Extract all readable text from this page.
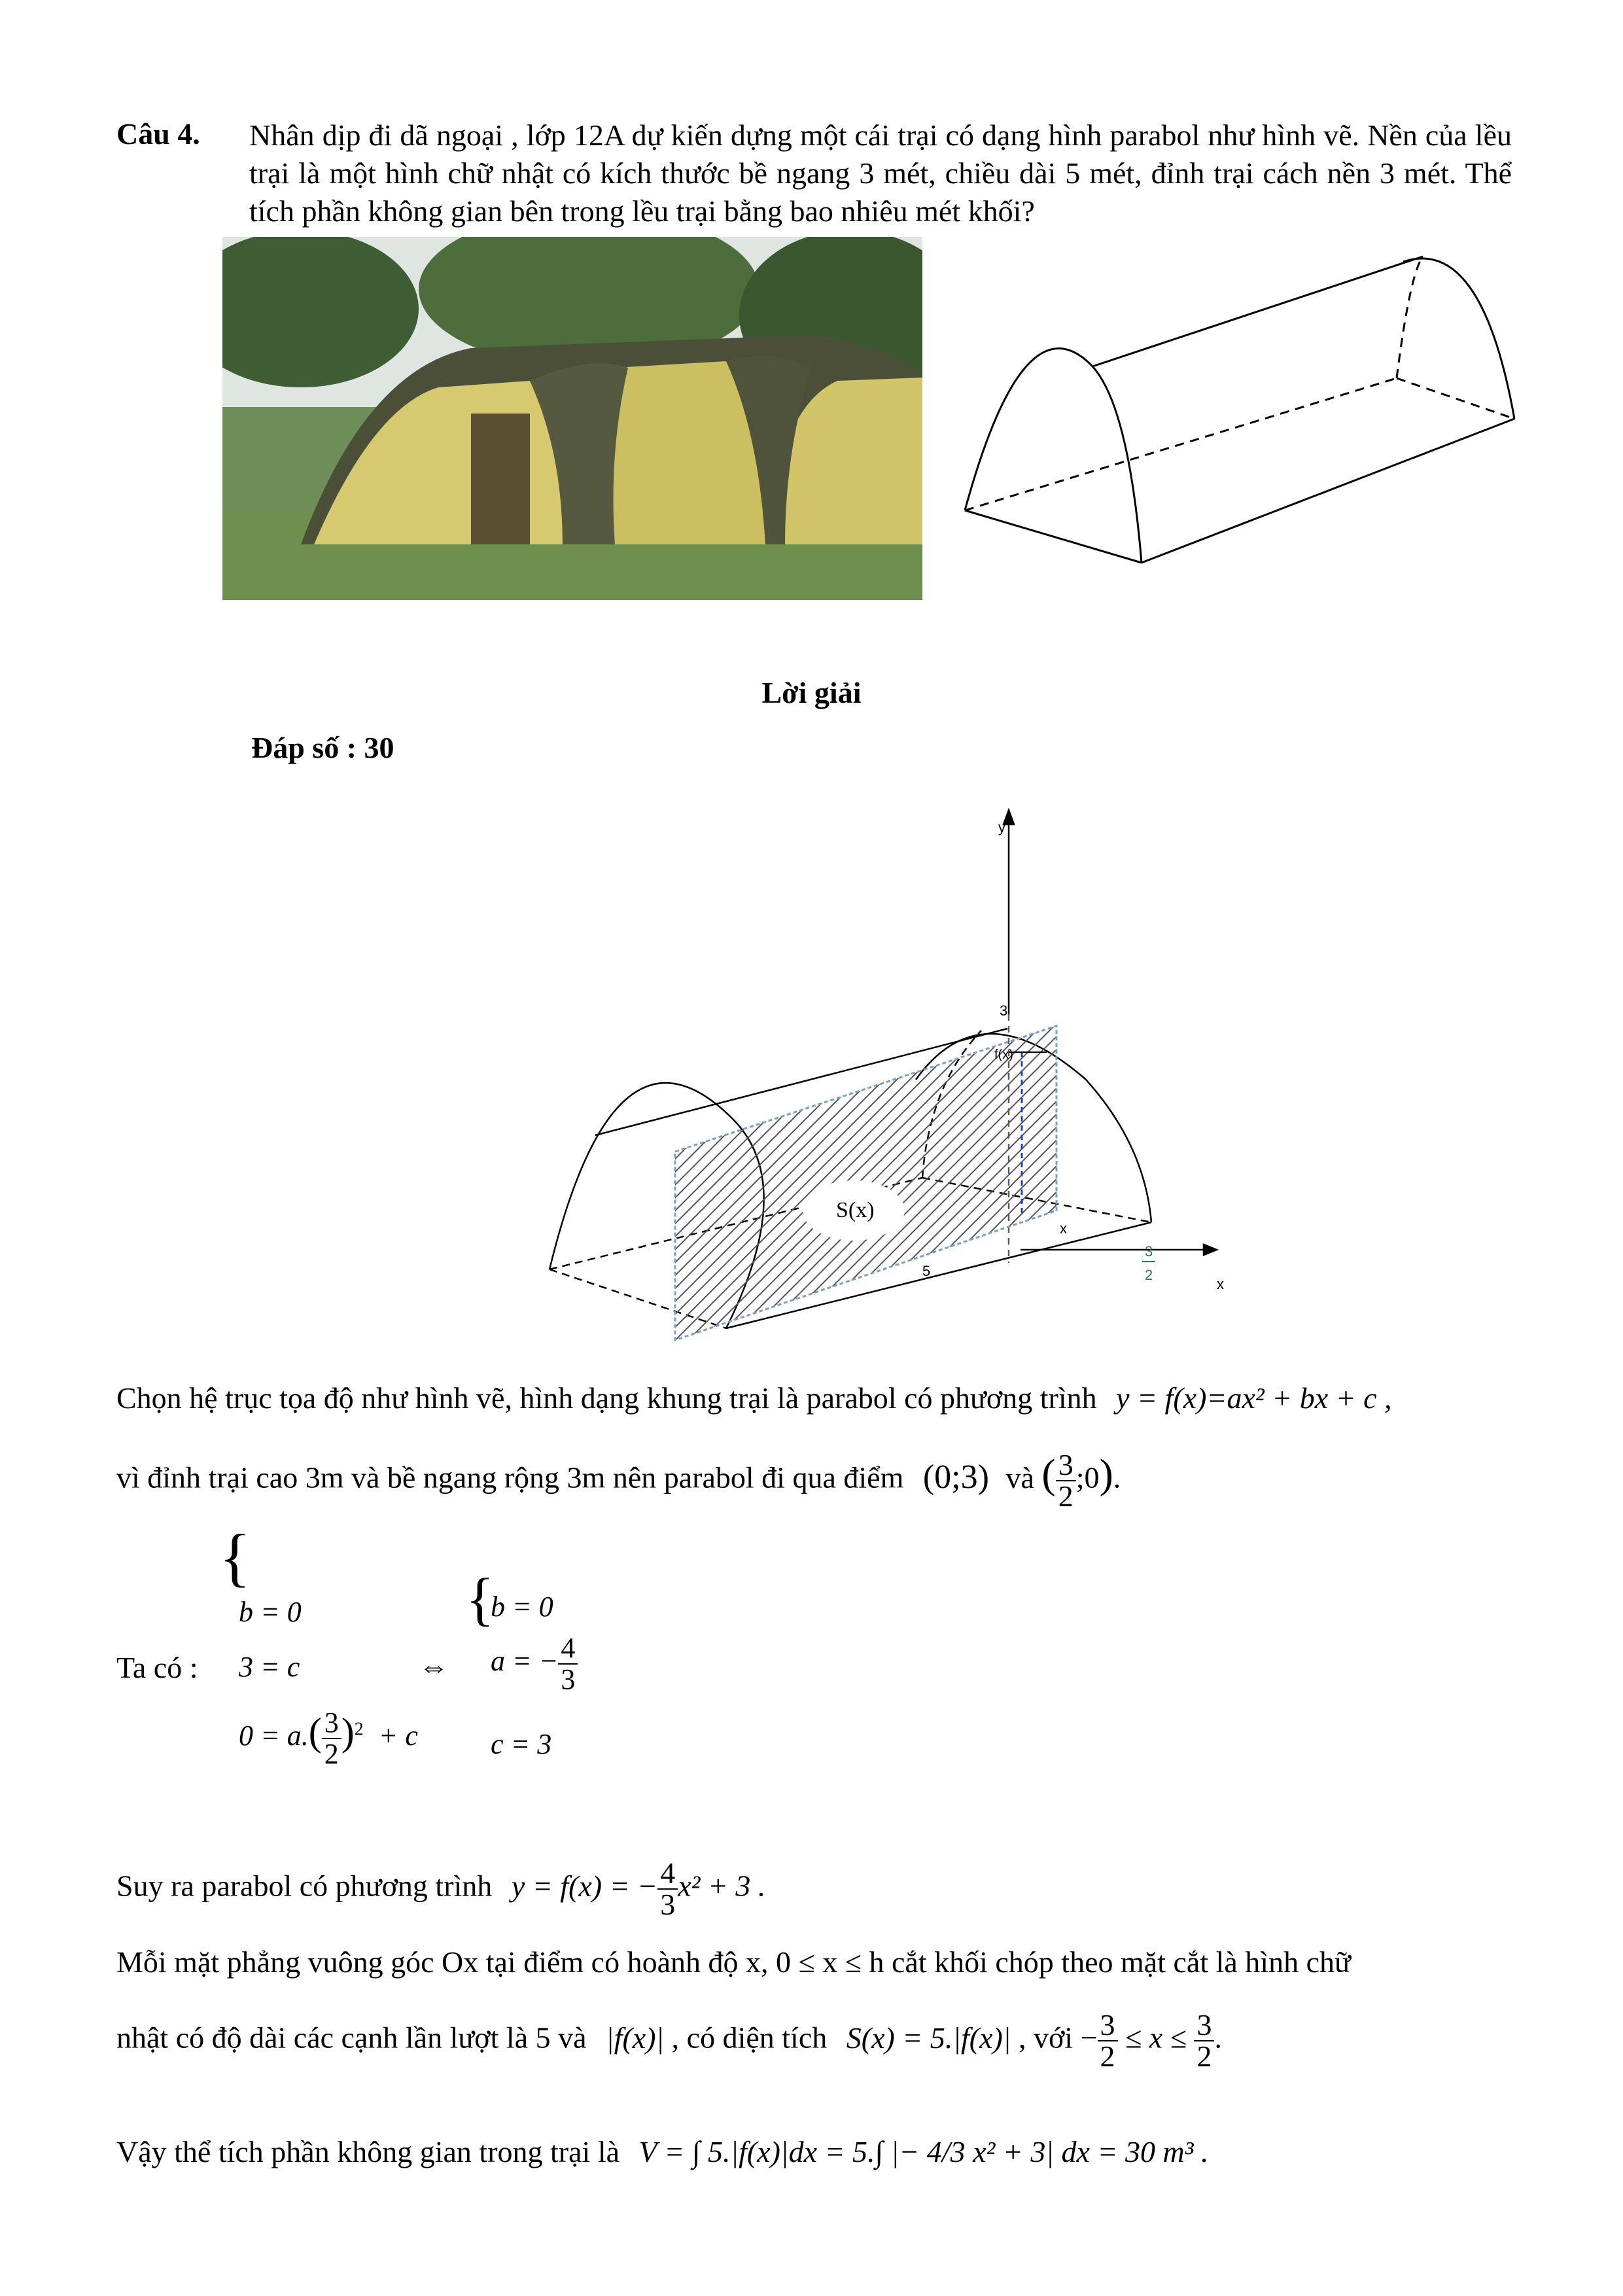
Câu 4. Nhân dịp đi dã ngoại , lớp 12A dự kiến dựng một cái trại có dạng hình parabol như hình vẽ. Nền của lều trại là một hình chữ nhật có kích thước bề ngang 3 mét, chiều dài 5 mét, đỉnh trại cách nền 3 mét. Thể tích phần không gian bên trong lều trại bằng bao nhiêu mét khối?
Lời giải
Đáp số : 30
y
x
3
f(x)
S(x)
x
5
3
2
Chọn hệ trục tọa độ như hình vẽ, hình dạng khung trại là parabol có phương trình y = f(x)=ax² + bx + c ,
vì đỉnh trại cao 3m và bề ngang rộng 3m nên parabol đi qua điểm (0;3) và ( $\frac{3}{2}$ ;0).
Ta có :
{
b = 0
3 = c
$0 = a.( \frac{3}{2} )^2 + c$
⇔
{
b = 0
a = − $\frac{4}{3}$
c = 3
Suy ra parabol có phương trình y = f(x) = − $\frac{4}{3} x^2 + 3$ .
Mỗi mặt phẳng vuông góc Ox tại điểm có hoành độ x, 0 ≤ x ≤ h cắt khối chóp theo mặt cắt là hình chữ
nhật có độ dài các cạnh lần lượt là 5 và |f(x)| , có diện tích S(x) = 5.|f(x)| , với − $\frac{3}{2} \le x \le \frac{3}{2}$ .
Vậy thể tích phần không gian trong trại là V = ∫ 5.|f(x)|dx = 5.∫ |− 4/3 x² + 3| dx = 30 m³ .
